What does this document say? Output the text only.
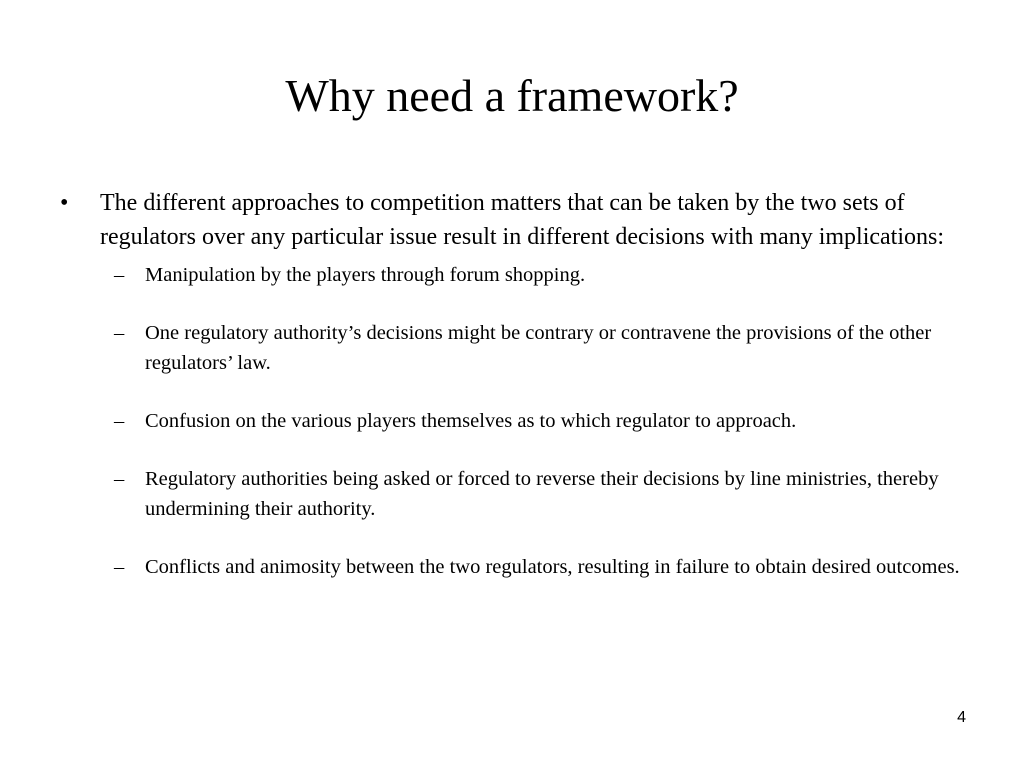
Why need a framework?
•	The different approaches to competition matters that can be taken by the two sets of regulators over any particular issue result in different decisions with many implications:
–	Manipulation by the players through forum shopping.
–	One regulatory authority’s decisions might be contrary or contravene the provisions of the other regulators’ law.
–	Confusion on the various players themselves as to which regulator to approach.
–	Regulatory authorities being asked or forced to reverse their decisions by line ministries, thereby undermining their authority.
–	Conflicts and animosity between the two regulators, resulting in failure to obtain desired outcomes.
4
